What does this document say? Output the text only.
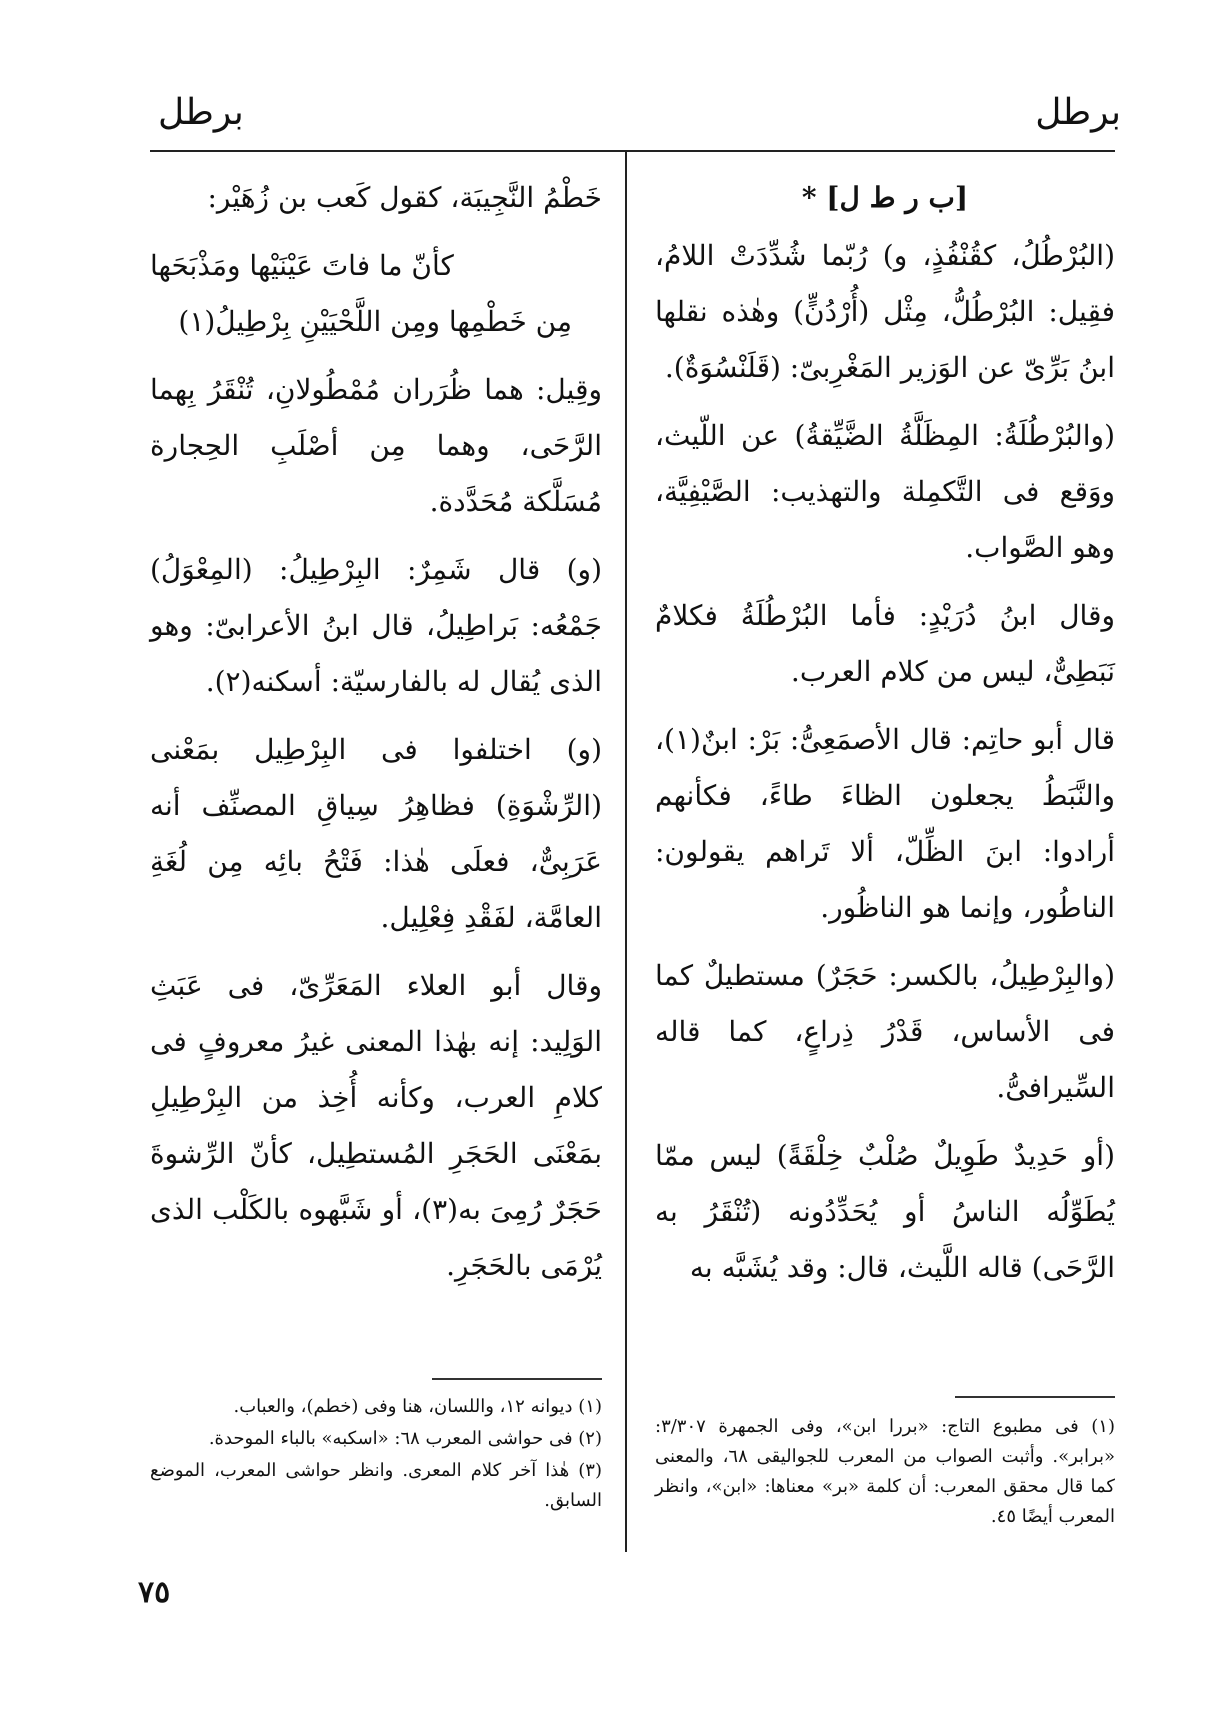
برطل	برطل

[ب ر ط ل] *

(البُرْطُلُ، كقُنْفُذٍ، و) رُبّما شُدِّدَتْ اللامُ، فقِيل: البُرْطُلُّ، مِثْل (أُرْدُنٍّ) وهٰذه نقلها ابنُ بَرِّىّ عن الوَزير المَغْرِبىّ: (قَلَنْسُوَةٌ).

(والبُرْطُلَةُ: المِظَلَّةُ الضَّيِّقةُ) عن اللّيث، ووَقع فى التَّكمِلة والتهذيب: الصَّيْفِيَّة، وهو الصَّواب.

وقال ابنُ دُرَيْدٍ: فأما البُرْطُلَةُ فكلامٌ نَبَطِىٌّ، ليس من كلام العرب.

قال أبو حاتِم: قال الأصمَعِىُّ: بَرْ: ابنٌ(١)، والنَّبَطُ يجعلون الظاءَ طاءً، فكأنهم أرادوا: ابنَ الظِّلّ، ألا تَراهم يقولون: الناطُور، وإنما هو الناظُور.

(والبِرْطِيلُ، بالكسر: حَجَرٌ) مستطيلٌ كما فى الأساس، قَدْرُ ذِراعٍ، كما قاله السِّيرافىُّ.

(أو حَدِيدٌ طَوِيلٌ صُلْبٌ خِلْقَةً) ليس ممّا يُطَوِّلُه الناسُ أو يُحَدِّدُونه (تُنْقَرُ به الرَّحَى) قاله اللَّيث، قال: وقد يُشَبَّه به

خَطْمُ النَّجِيبَة، كقول كَعب بن زُهَيْر:

كأنّ ما فاتَ عَيْنَيْها ومَذْبَحَها
مِن خَطْمِها ومِن اللَّحْيَيْنِ بِرْطِيلُ(١)

وقِيل: هما ظُرَران مُمْطُولانِ، تُنْقَرُ بِهما الرَّحَى، وهما مِن أصْلَبِ الحِجارة مُسَلَّكة مُحَدَّدة.

(و) قال شَمِرٌ: البِرْطِيلُ: (المِعْوَلُ) جَمْعُه: بَراطِيلُ، قال ابنُ الأعرابىّ: وهو الذى يُقال له بالفارسيّة: أسكنه(٢).

(و) اختلفوا فى البِرْطِيل بمَعْنى (الرِّشْوَةِ) فظاهِرُ سِياقِ المصنِّف أنه عَرَبِىٌّ، فعلَى هٰذا: فَتْحُ بائِه مِن لُغَةِ العامَّة، لفَقْدِ فِعْلِيل.

وقال أبو العلاء المَعَرِّىّ، فى عَبَثِ الوَلِيد: إنه بهٰذا المعنى غيرُ معروفٍ فى كلامِ العرب، وكأنه أُخِذ من البِرْطِيلِ بمَعْنَى الحَجَرِ المُستطِيل، كأنّ الرِّشوةَ حَجَرٌ رُمِىَ به(٣)، أو شَبَّهوه بالكَلْب الذى يُرْمَى بالحَجَرِ.

(١) فى مطبوع التاج: «بررا ابن»، وفى الجمهرة ٣/٣٠٧: «برابر». وأثبت الصواب من المعرب للجواليقى ٦٨، والمعنى كما قال محقق المعرب: أن كلمة «بر» معناها: «ابن»، وانظر المعرب أيضًا ٤٥.

(١) ديوانه ١٢، واللسان، هنا وفى (خطم)، والعباب.

(٢) فى حواشى المعرب ٦٨: «اسكبه» بالباء الموحدة.

(٣) هٰذا آخر كلام المعرى. وانظر حواشى المعرب، الموضع السابق.

٧٥
